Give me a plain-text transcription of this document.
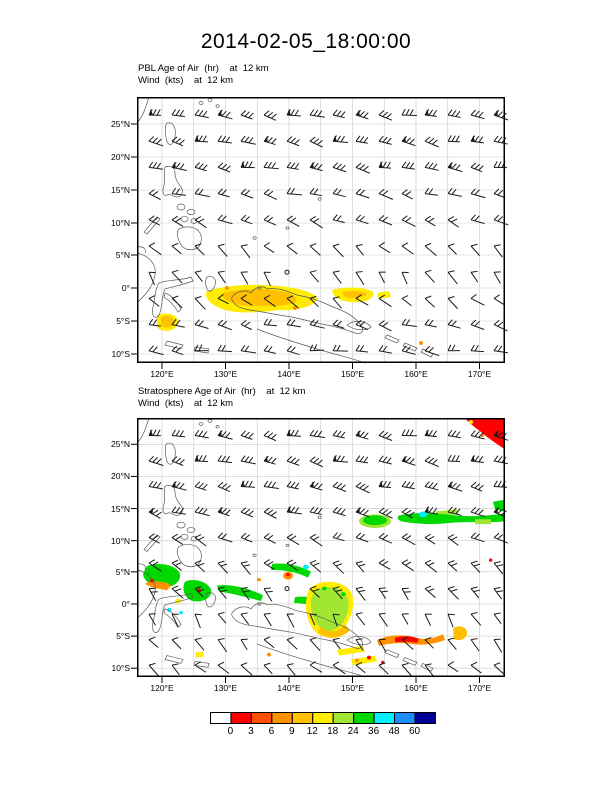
2014-02-05_18:00:00
PBL Age of Air  (hr)    at  12 km
Wind  (kts)    at  12 km
Stratosphere Age of Air  (hr)    at  12 km
Wind  (kts)    at  12 km
25°N
20°N
15°N
10°N
5°N
0°
5°S
10°S
120°E	130°E	140°E	150°E	160°E	170°E
25°N
20°N
15°N
10°N
5°N
0°
5°S
10°S
120°E	130°E	140°E	150°E	160°E	170°E
0 3 6 9 12 18 24 36 48 60
